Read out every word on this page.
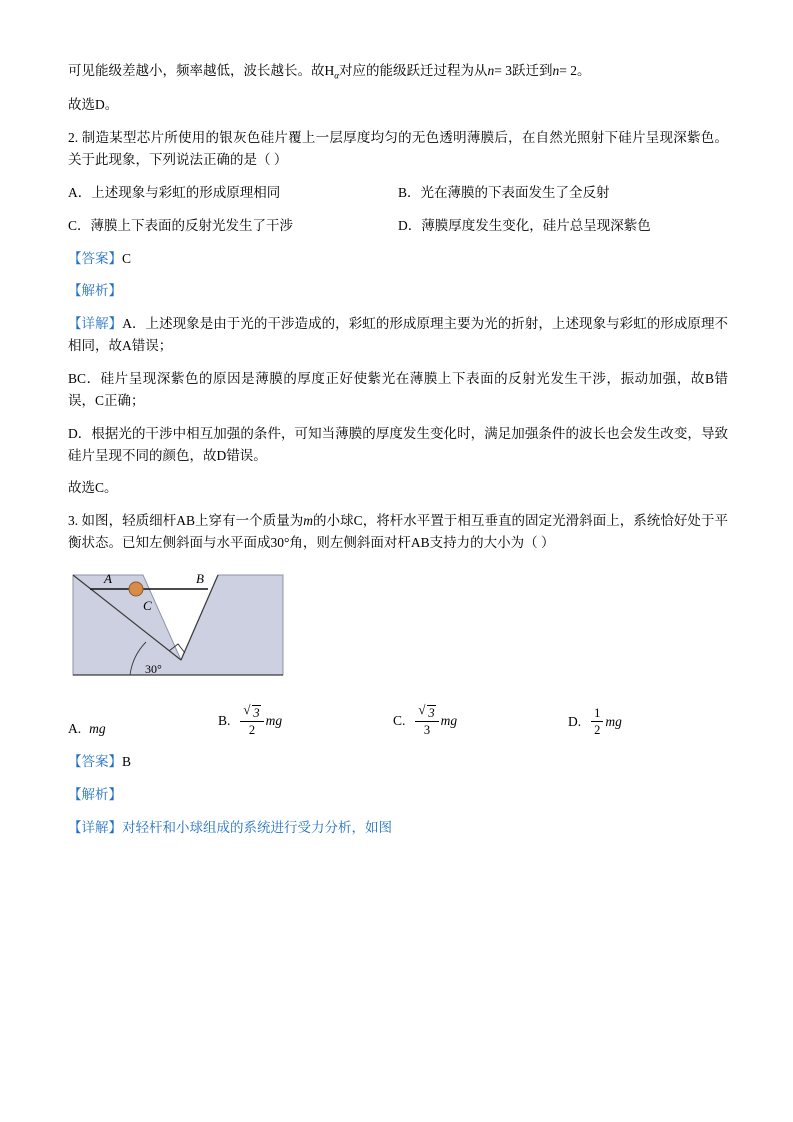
可见能级差越小，频率越低，波长越长。故$H_\alpha$对应的能级跃迁过程为从n= 3跃迁到n= 2。

故选D。

2. 制造某型芯片所使用的银灰色硅片覆上一层厚度均匀的无色透明薄膜后，在自然光照射下硅片呈现深紫色。关于此现象，下列说法正确的是（ ）

A．上述现象与彩虹的形成原理相同	B．光在薄膜的下表面发生了全反射
C．薄膜上下表面的反射光发生了干涉	D．薄膜厚度发生变化，硅片总呈现深紫色

【答案】C

【解析】

【详解】A．上述现象是由于光的干涉造成的，彩虹的形成原理主要为光的折射，上述现象与彩虹的形成原理不相同，故A错误；

BC．硅片呈现深紫色的原因是薄膜的厚度正好使紫光在薄膜上下表面的反射光发生干涉，振动加强，故B错误，C正确；

D．根据光的干涉中相互加强的条件，可知当薄膜的厚度发生变化时，满足加强条件的波长也会发生改变，导致硅片呈现不同的颜色，故D错误。

故选C。

3. 如图，轻质细杆AB上穿有一个质量为m的小球C，将杆水平置于相互垂直的固定光滑斜面上，系统恰好处于平衡状态。已知左侧斜面与水平面成30°角，则左侧斜面对杆AB支持力的大小为（ ）

A	B
C
30°
A. mg
B. √ $\frac{3}{2}$ mg	C. √ $\frac{3}{3}$ mg	D. $\frac{1}{2}$ mg

【答案】B

【解析】

【详解】对轻杆和小球组成的系统进行受力分析，如图
